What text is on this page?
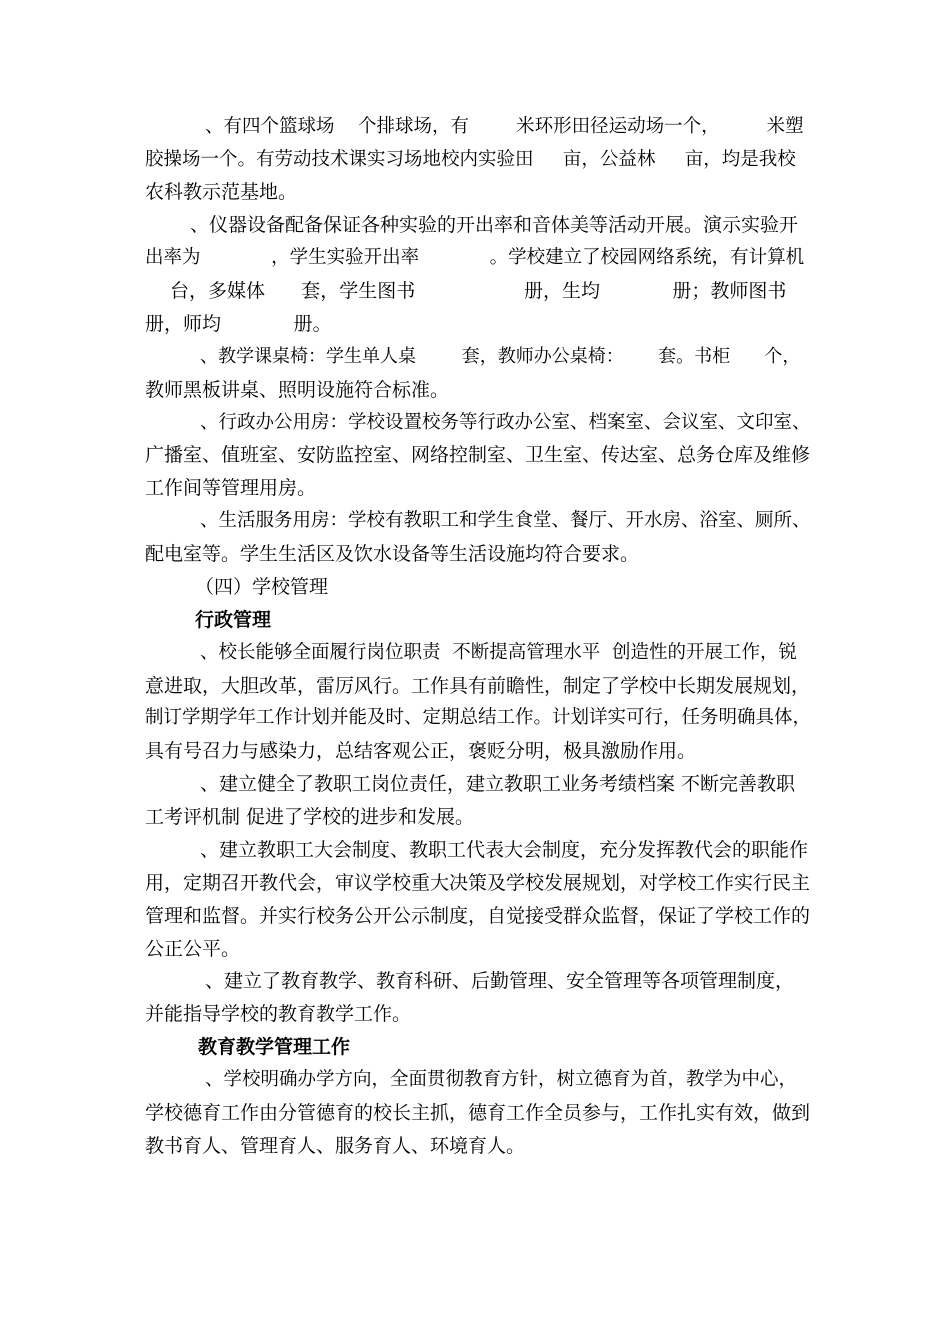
、有四个篮球场    个排球场，有        米环形田径运动场一个，        米塑
胶操场一个。有劳动技术课实习场地校内实验田     亩，公益林     亩，均是我校
农科教示范基地。
、仪器设备配备保证各种实验的开出率和音体美等活动开展。演示实验开
出率为            ，学生实验开出率            。学校建立了校园网络系统，有计算机
台，多媒体      套，学生图书                  册，生均            册；教师图书
册，师均            册。
、教学课桌椅：学生单人桌        套，教师办公桌椅：      套。书柜      个，
教师黑板讲桌、照明设施符合标准。
、行政办公用房：学校设置校务等行政办公室、档案室、会议室、文印室、
广播室、值班室、安防监控室、网络控制室、卫生室、传达室、总务仓库及维修
工作间等管理用房。
、生活服务用房：学校有教职工和学生食堂、餐厅、开水房、浴室、厕所、
配电室等。学生生活区及饮水设备等生活设施均符合要求。
（四）学校管理
行政管理
、校长能够全面履行岗位职责  不断提高管理水平  创造性的开展工作，锐
意进取，大胆改革，雷厉风行。工作具有前瞻性，制定了学校中长期发展规划，
制订学期学年工作计划并能及时、定期总结工作。计划详实可行，任务明确具体，
具有号召力与感染力，总结客观公正，褒贬分明，极具激励作用。
、建立健全了教职工岗位责任，建立教职工业务考绩档案 不断完善教职
工考评机制 促进了学校的进步和发展。
、建立教职工大会制度、教职工代表大会制度，充分发挥教代会的职能作
用，定期召开教代会，审议学校重大决策及学校发展规划，对学校工作实行民主
管理和监督。并实行校务公开公示制度，自觉接受群众监督，保证了学校工作的
公正公平。
、建立了教育教学、教育科研、后勤管理、安全管理等各项管理制度，
并能指导学校的教育教学工作。
教育教学管理工作
、学校明确办学方向，全面贯彻教育方针，树立德育为首，教学为中心，
学校德育工作由分管德育的校长主抓，德育工作全员参与，工作扎实有效，做到
教书育人、管理育人、服务育人、环境育人。
